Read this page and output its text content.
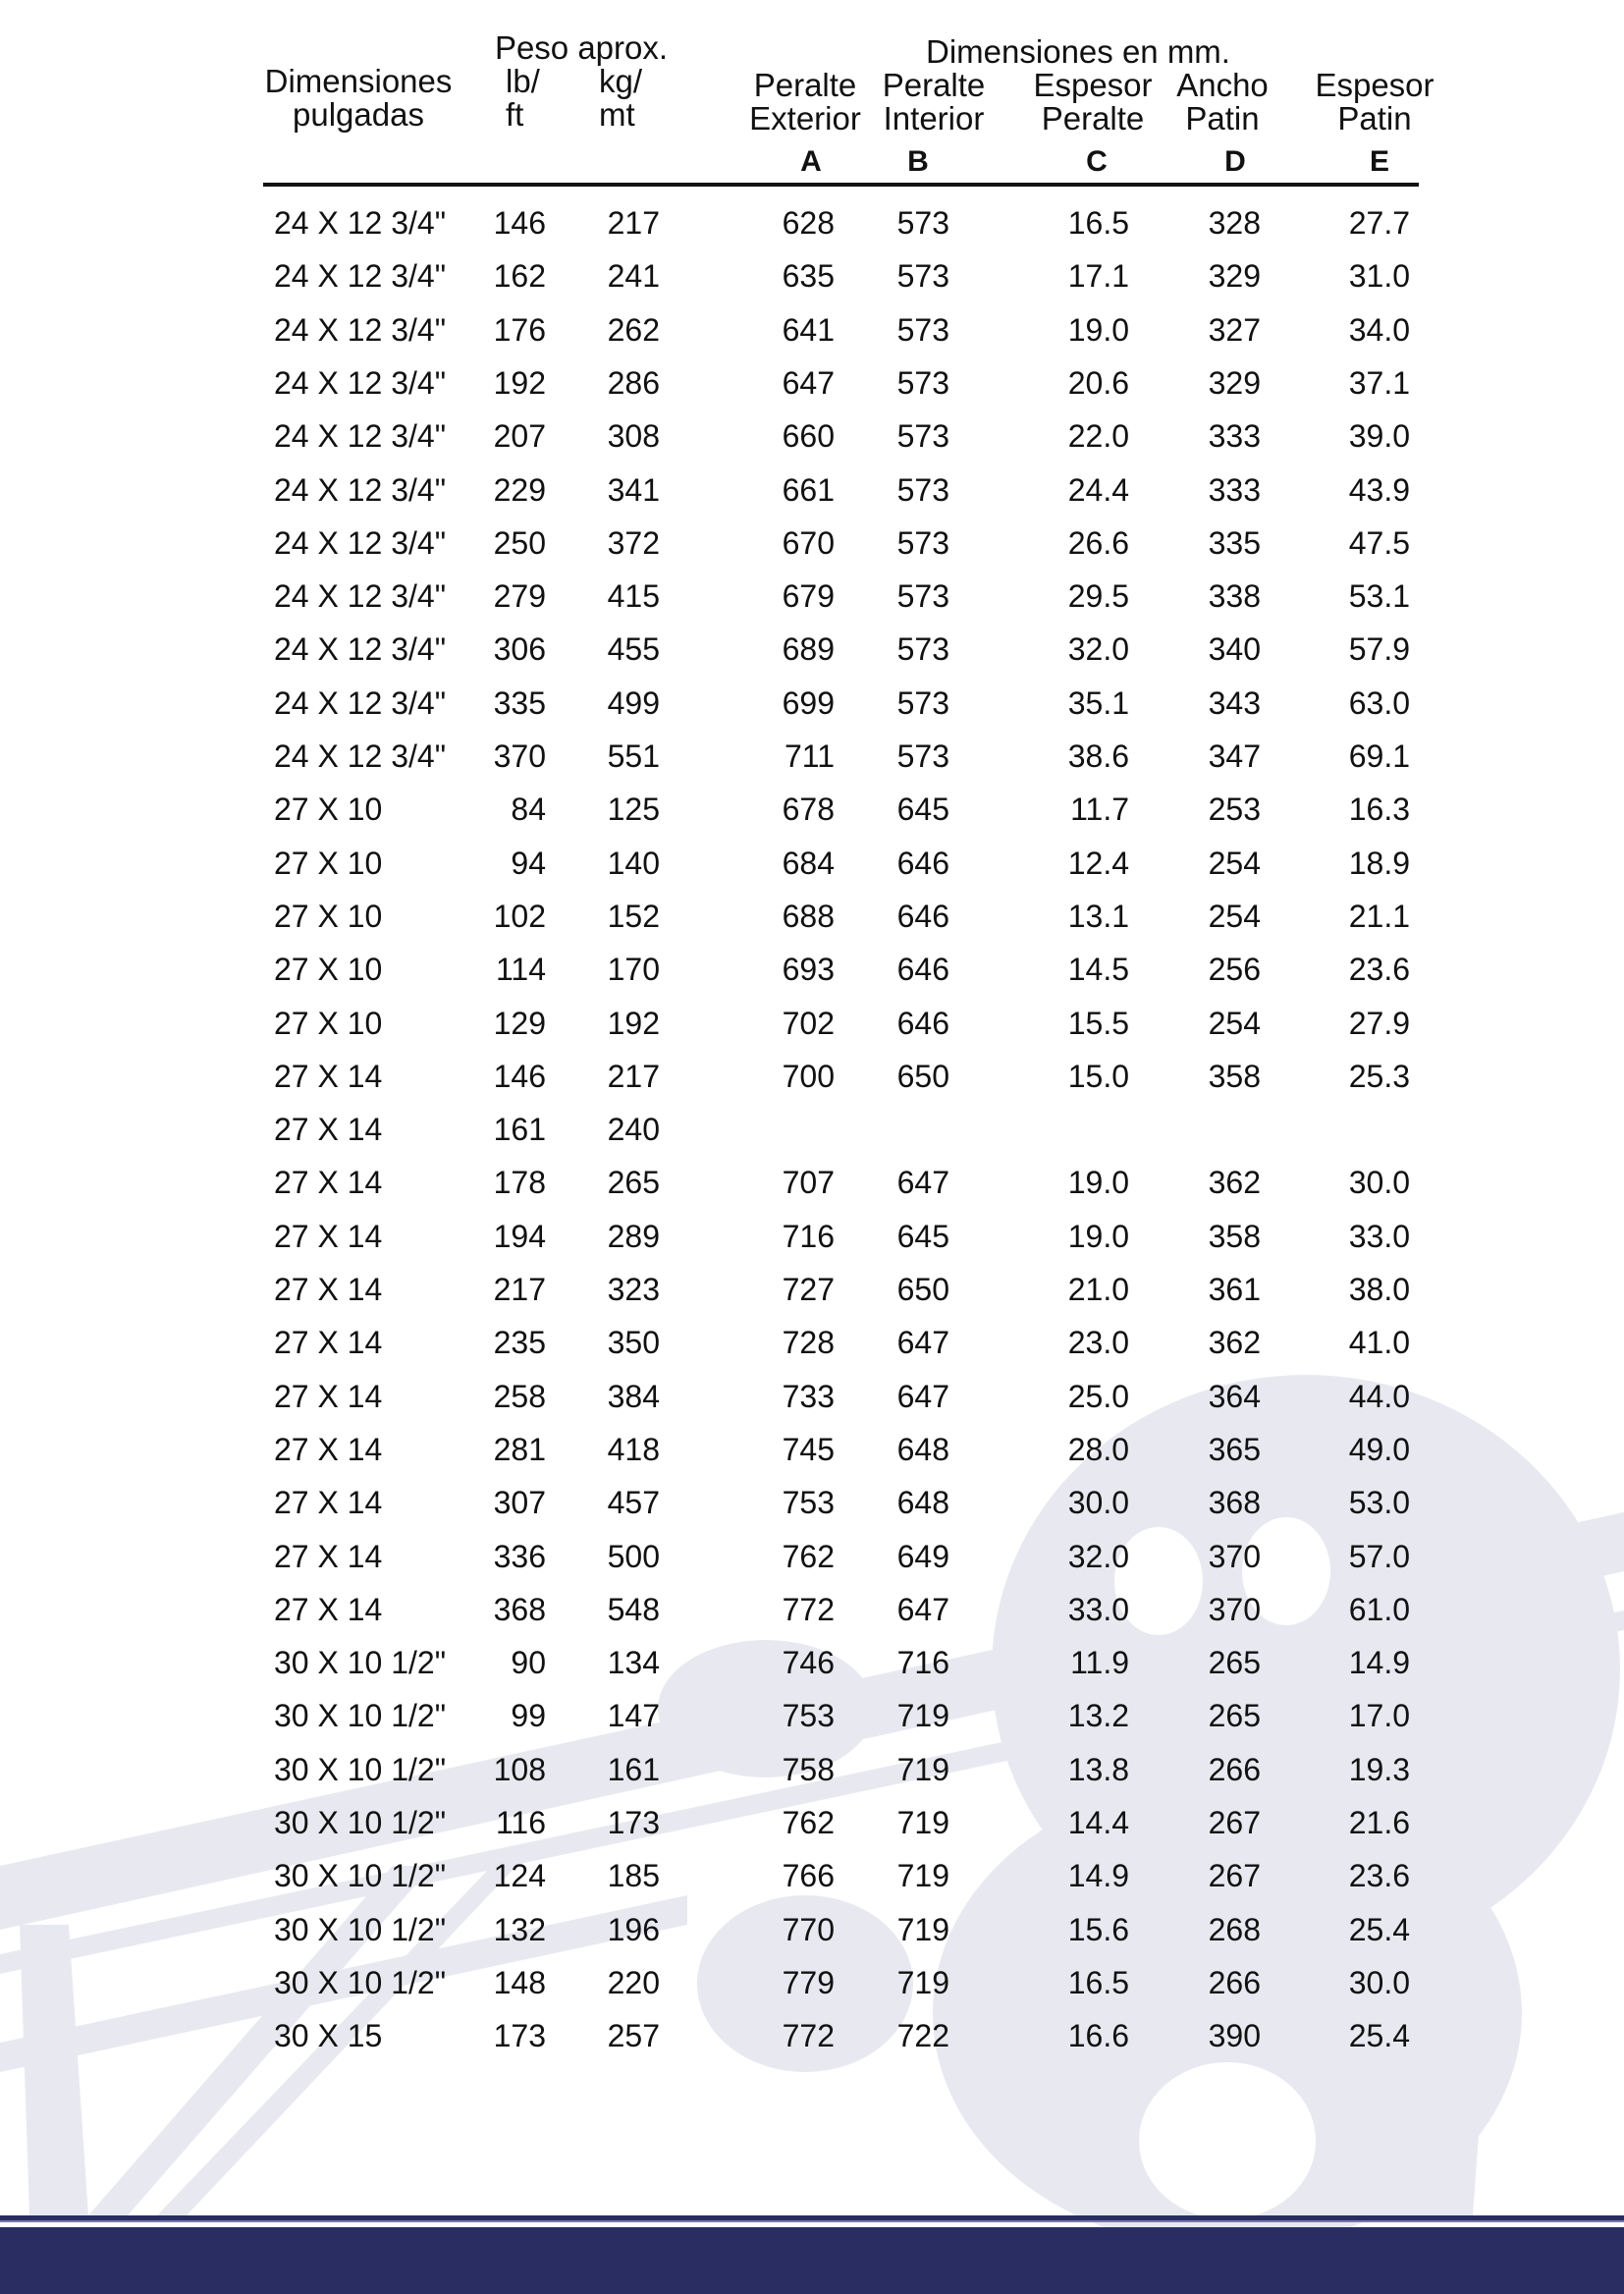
Dimensiones
pulgadas
Peso aprox.
lb/
ft
kg/
mt
Dimensiones en mm.
Peralte
Exterior
Peralte
Interior
Espesor
Peralte
Ancho
Patin
Espesor
Patin
A	B	C	D	E
24 X 12 3/4" 146 217	628 573	16.5	328	27.7
24 X 12 3/4" 162 241	635 573	17.1	329	31.0
24 X 12 3/4" 176 262	641 573	19.0	327	34.0
24 X 12 3/4" 192 286	647 573	20.6	329	37.1
24 X 12 3/4" 207 308	660 573	22.0	333	39.0
24 X 12 3/4" 229 341	661 573	24.4	333	43.9
24 X 12 3/4" 250 372	670 573	26.6	335	47.5
24 X 12 3/4" 279 415	679 573	29.5	338	53.1
24 X 12 3/4" 306 455	689 573	32.0	340	57.9
24 X 12 3/4" 335 499	699 573	35.1	343	63.0
24 X 12 3/4" 370 551	711 573	38.6	347	69.1
27 X 10	84 125	678 645	11.7	253	16.3
27 X 10	94 140	684 646	12.4	254	18.9
27 X 10	102 152	688 646	13.1	254	21.1
27 X 10	114 170	693 646	14.5	256	23.6
27 X 10	129 192	702 646	15.5	254	27.9
27 X 14	146 217	700 650	15.0	358	25.3
27 X 14	161 240
27 X 14	178 265	707 647	19.0	362	30.0
27 X 14	194 289	716 645	19.0	358	33.0
27 X 14	217 323	727 650	21.0	361	38.0
27 X 14	235 350	728 647	23.0	362	41.0
27 X 14	258 384	733 647	25.0	364	44.0
27 X 14	281 418	745 648	28.0	365	49.0
27 X 14	307 457	753 648	30.0	368	53.0
27 X 14	336 500	762 649	32.0	370	57.0
27 X 14	368 548	772 647	33.0	370	61.0
30 X 10 1/2" 90 134	746 716	11.9	265	14.9
30 X 10 1/2" 99 147	753 719	13.2	265	17.0
30 X 10 1/2" 108 161	758 719	13.8	266	19.3
30 X 10 1/2" 116 173	762 719	14.4	267	21.6
30 X 10 1/2" 124 185	766 719	14.9	267	23.6
30 X 10 1/2" 132 196	770 719	15.6	268	25.4
30 X 10 1/2" 148 220	779 719	16.5	266	30.0
30 X 15	173 257	772 722	16.6	390	25.4
